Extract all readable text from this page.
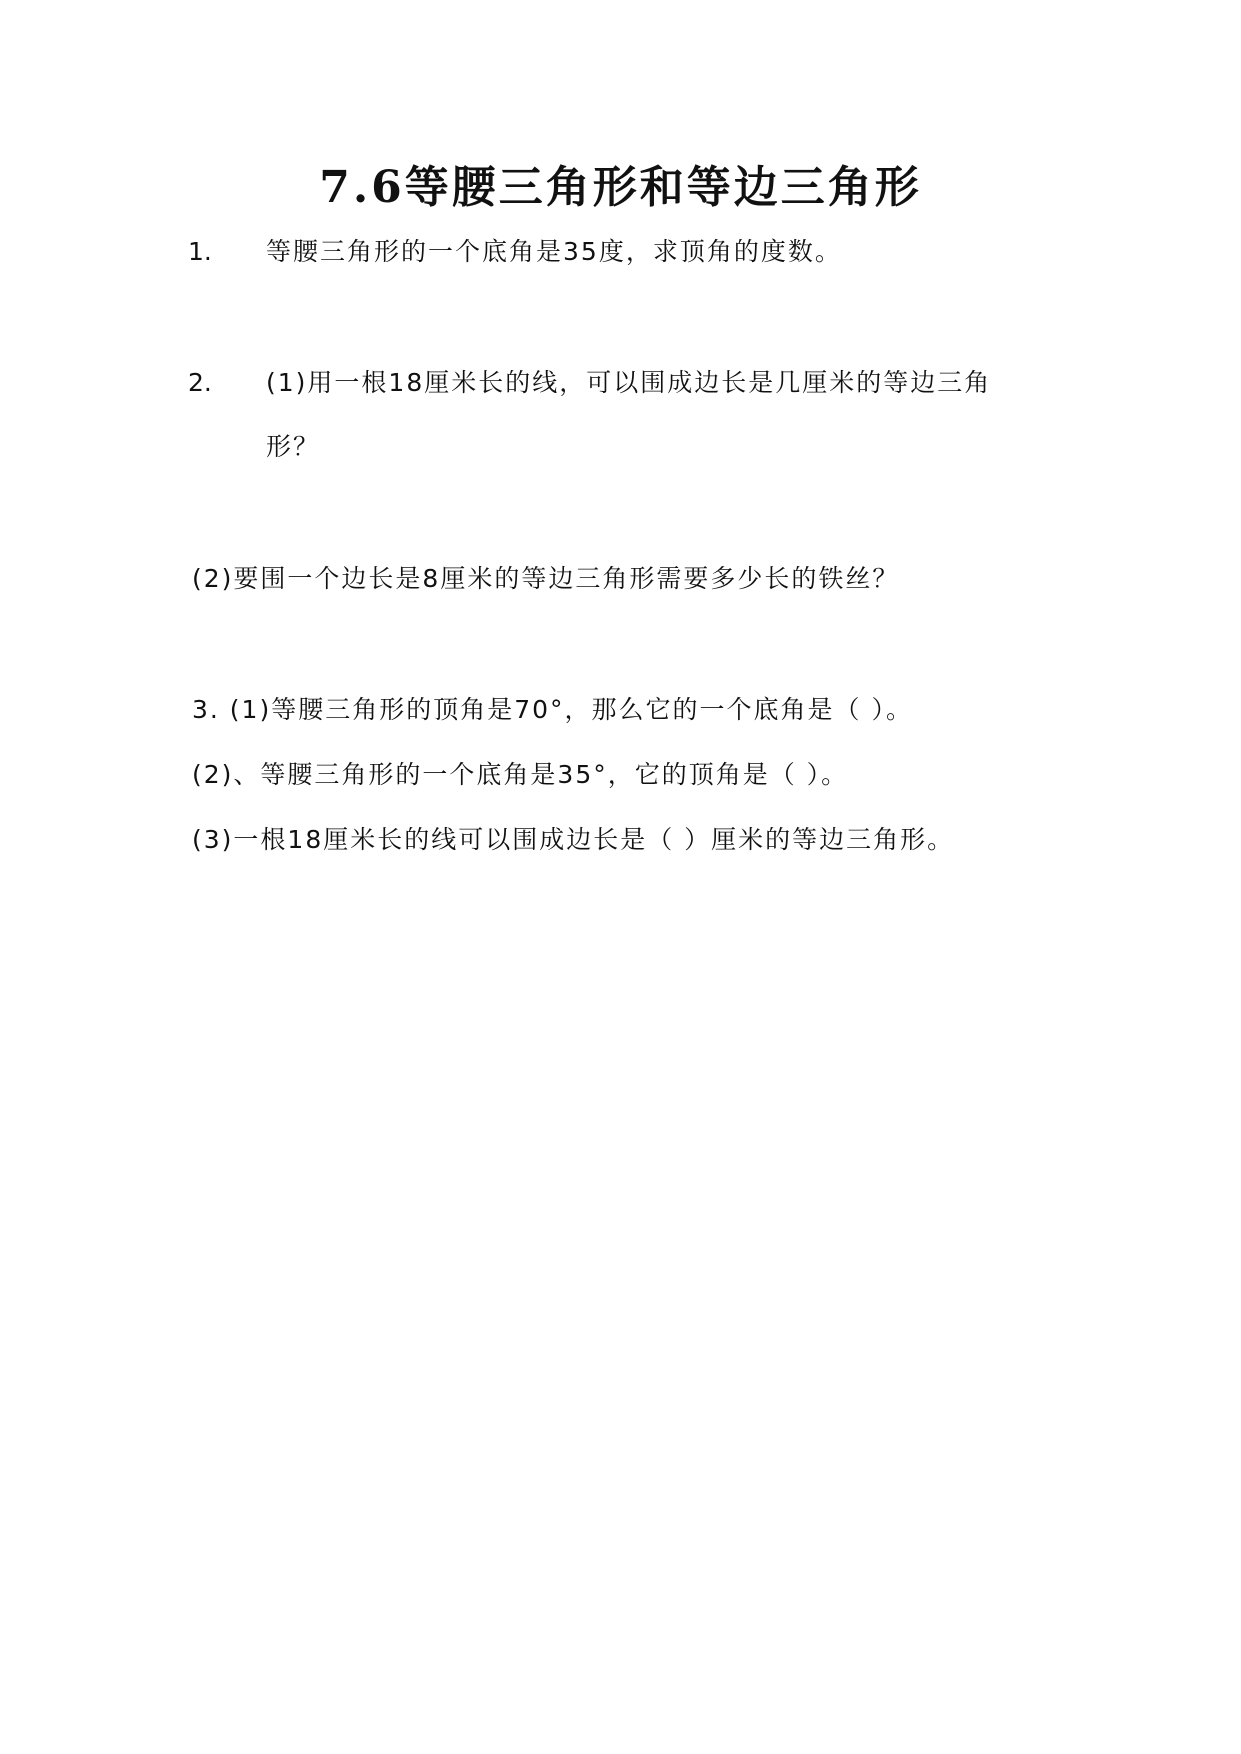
7.6等腰三角形和等边三角形
1. 等腰三角形的一个底角是35度，求顶角的度数。
2. (1)用一根18厘米长的线，可以围成边长是几厘米的等边三角
形？
(2)要围一个边长是8厘米的等边三角形需要多少长的铁丝？
3. (1)等腰三角形的顶角是70°，那么它的一个底角是（ ）。
(2)、等腰三角形的一个底角是35°，它的顶角是（ ）。
(3)一根18厘米长的线可以围成边长是（ ）厘米的等边三角形。
